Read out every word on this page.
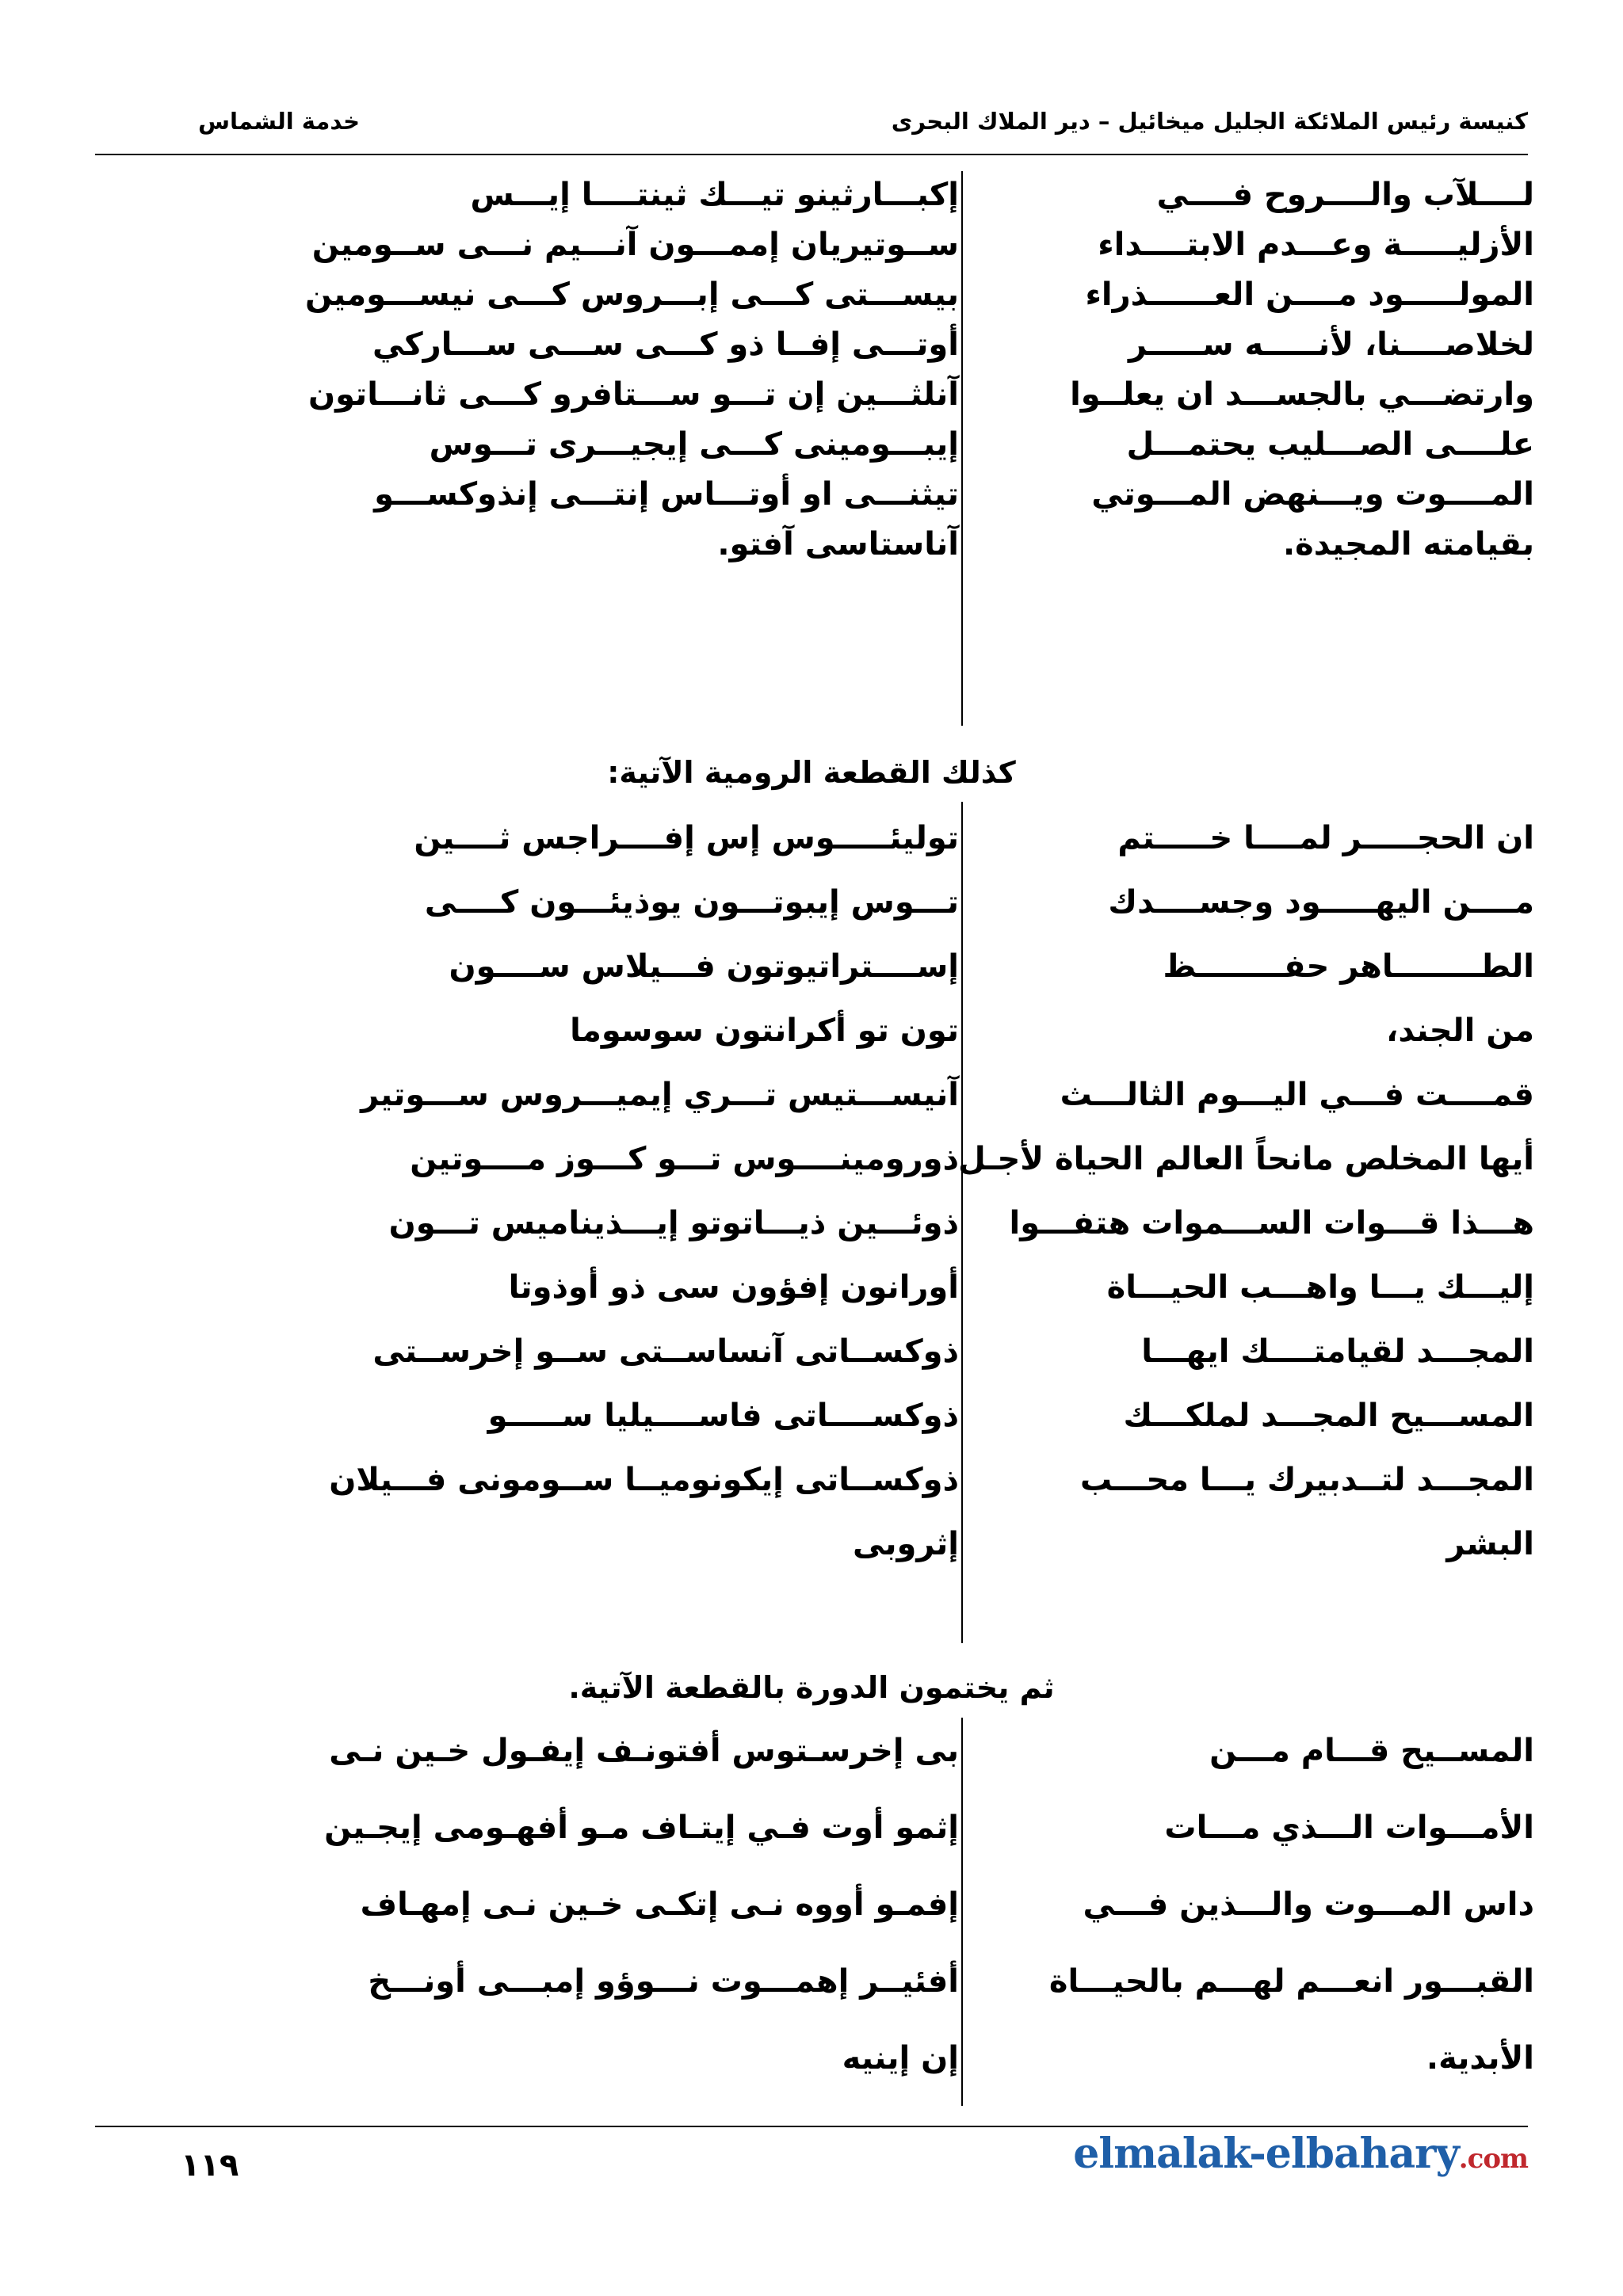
كنيسة رئيس الملائكة الجليل ميخائيل – دير الملاك البحرى
خدمة الشماس
لــــلآب والــــروح فــــي
إكبـــارثينو تيـــك ثينتــــا إيـــس
الأزليـــــة وعـــدم الابتــــداء
ســوتيريان إممـــون آنـــيم نـــى ســومين
المولـــــود مــــن العــــــذراء
بيســـتى كـــى إبـــروس كـــى نيســـومين
لخلاصــــنا، لأنـــــه ســـــر
أوتـــى إفــا ذو كـــى ســـى ســـاركي
وارتضـــي بالجســـد ان يعلــوا
آنلثـــين إن تـــو ســـتافرو كـــى ثانـــاتون
علــــى الصـــليب يحتمـــل
إيبـــومينى كـــى إيجيـــرى تـــوس
المــــوت ويـــنهض المـــوتي
تيثنـــى او أوتـــاس إنتـــى إنذوكســـو
بقيامته المجيدة.
آناستاسى آفتو.
كذلك القطعة الرومية الآتية:
ان الحجـــــر لمــــا خـــــتم
توليئـــــوس إس إفــــراجس ثــــين
مــــن اليهـــــود وجســــدك
تـــوس إيبوتـــون يوذيئـــون كــــى
الطــــــــاهر حفــــــــظ
إســــتراتيوتون فـــيلاس ســــون
من الجند،
تون تو أكرانتون سوسوما
قمــــت فـــي اليـــوم الثالـــث
آنيســـتيس تـــري إيميـــروس ســـوتير
أيها المخلص مانحاً العالم الحياة لأجـل
ذورومينــــوس تـــو كـــوز مــــوتين
هـــذا قـــوات الســـموات هتفـــوا
ذوئـــين ذيـــاتوتو إيـــذيناميس تـــون
إليـــك يـــا واهـــب الحيـــاة
أورانون إفؤون سى ذو أوذوتا
المجـــد لقيامتــــك ايهـــا
ذوكســاتى آنساســتى ســو إخرســتى
المســـيح المجـــد لملكـــك
ذوكســــاتى فاســــيليا ســـــو
المجـــد لتــدبيرك يـــا محـــب
ذوكســاتى إيكونوميــا ســومونى فـــيلان
البشر
إثروبى
ثم يختمون الدورة بالقطعة الآتية.
المســيح قـــام مـــن
بى إخرسـتوس أفتونـف إيفـول خـين نـى
الأمـــوات الـــذي مـــات
إثمو أوت فـي إيتـاف مـو أفهـومى إيجـين
داس المـــوت والـــذين فـــي
إفمـو أووه نـى إتكـى خـين نـى إمهـاف
القبـــور انعـــم لهـــم بالحيـــاة
أفئيــر إهمـــوت نـــوؤو إمبـــى أونـــخ
الأبدية.
إن إينيه
١١٩	elmalak-elbahary.com
